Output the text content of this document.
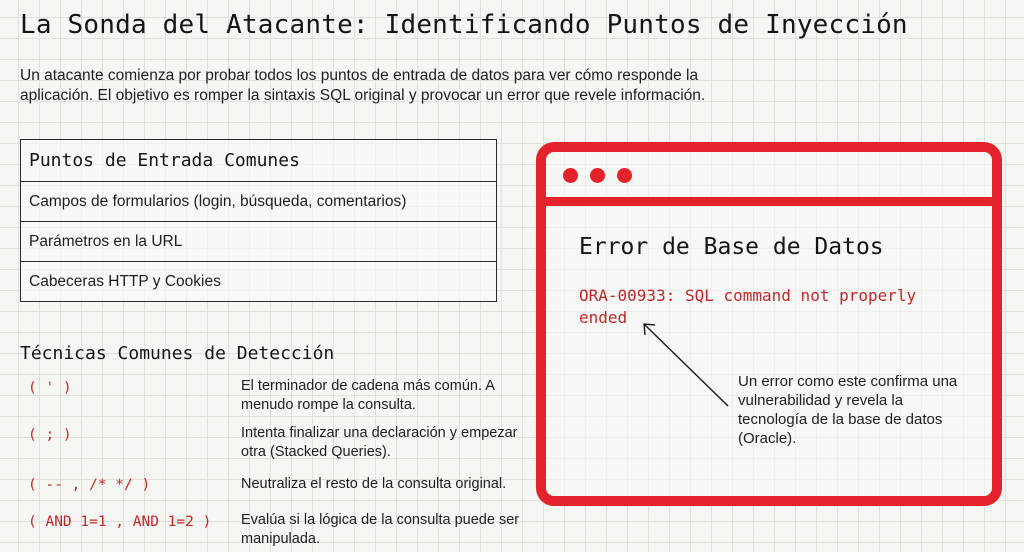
La Sonda del Atacante: Identificando Puntos de Inyección
Un atacante comienza por probar todos los puntos de entrada de datos para ver cómo responde la aplicación. El objetivo es romper la sintaxis SQL original y provocar un error que revele información.
Puntos de Entrada Comunes
Campos de formularios (login, búsqueda, comentarios)
Parámetros en la URL
Cabeceras HTTP y Cookies
Técnicas Comunes de Detección
( ' )	El terminador de cadena más común. A menudo rompe la consulta.
( ; )	Intenta finalizar una declaración y empezar otra (Stacked Queries).
( -- , /* */ )	Neutraliza el resto de la consulta original.
( AND 1=1 , AND 1=2 ) Evalúa si la lógica de la consulta puede ser manipulada.
Error de Base de Datos
ORA-00933: SQL command not properly ended
Un error como este confirma una vulnerabilidad y revela la tecnología de la base de datos (Oracle).
